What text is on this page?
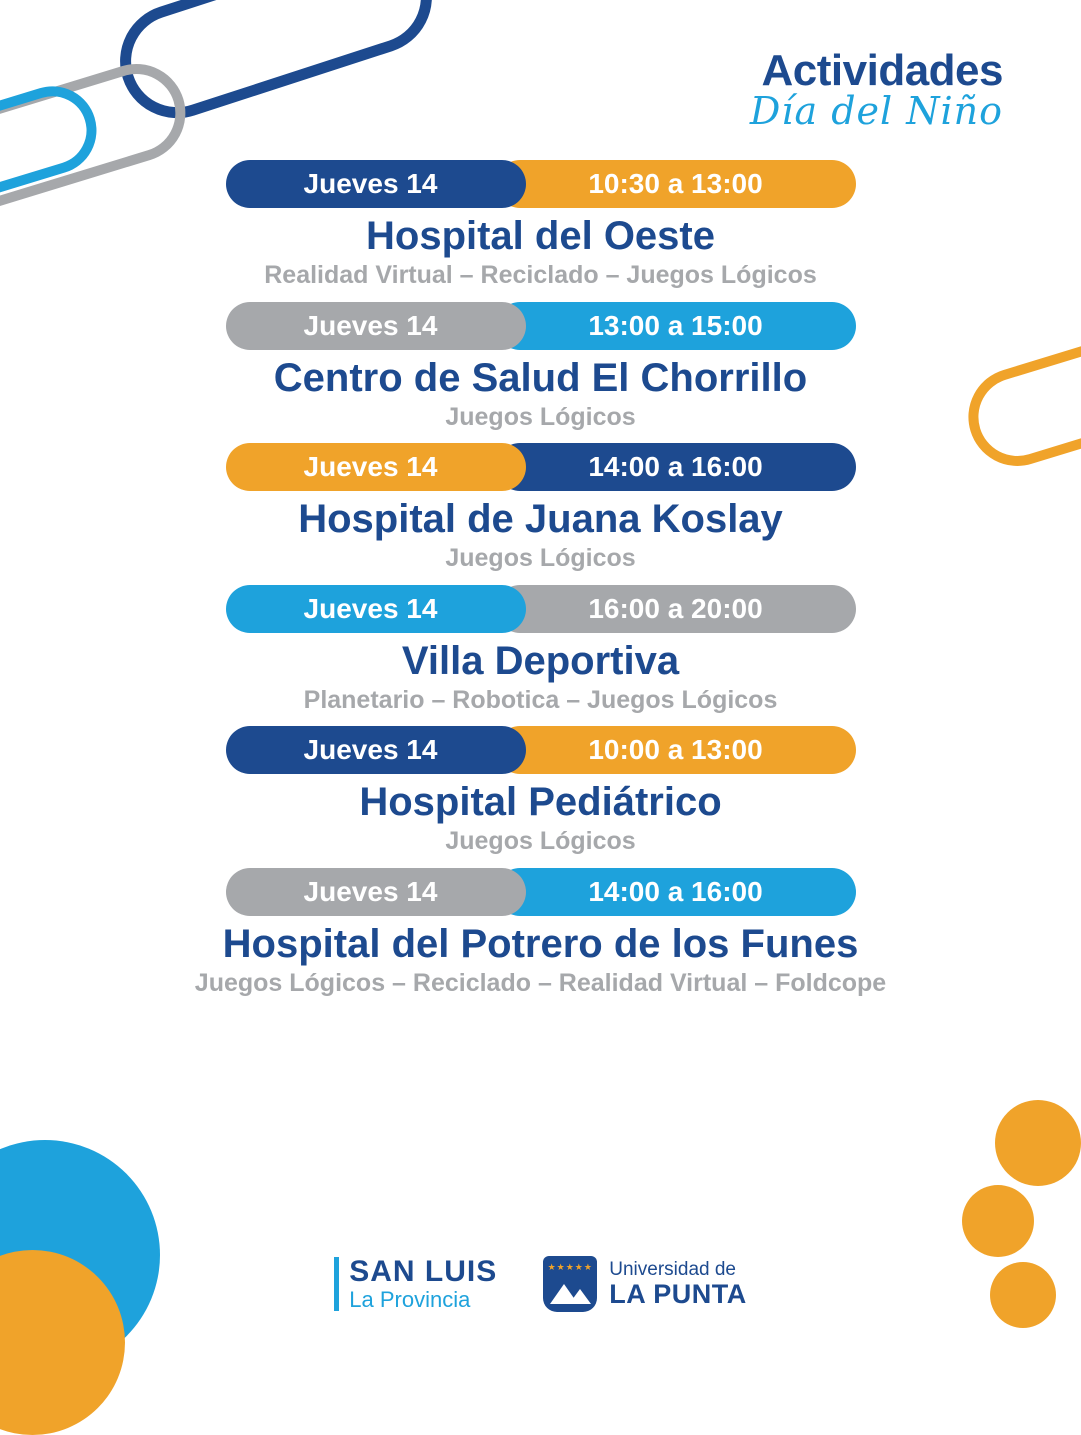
Actividades
Día del Niño
Jueves 14	10:30 a 13:00
Hospital del Oeste
Realidad Virtual – Reciclado – Juegos Lógicos
Jueves 14	13:00 a 15:00
Centro de Salud El Chorrillo
Juegos Lógicos
Jueves 14	14:00 a 16:00
Hospital de Juana Koslay
Juegos Lógicos
Jueves 14	16:00 a 20:00
Villa Deportiva
Planetario – Robotica – Juegos Lógicos
Jueves 14	10:00 a 13:00
Hospital Pediátrico
Juegos Lógicos
Jueves 14	14:00 a 16:00
Hospital del Potrero de los Funes
Juegos Lógicos – Reciclado – Realidad Virtual – Foldcope
SAN LUIS
La Provincia
★★★★★ Universidad de
LA PUNTA
